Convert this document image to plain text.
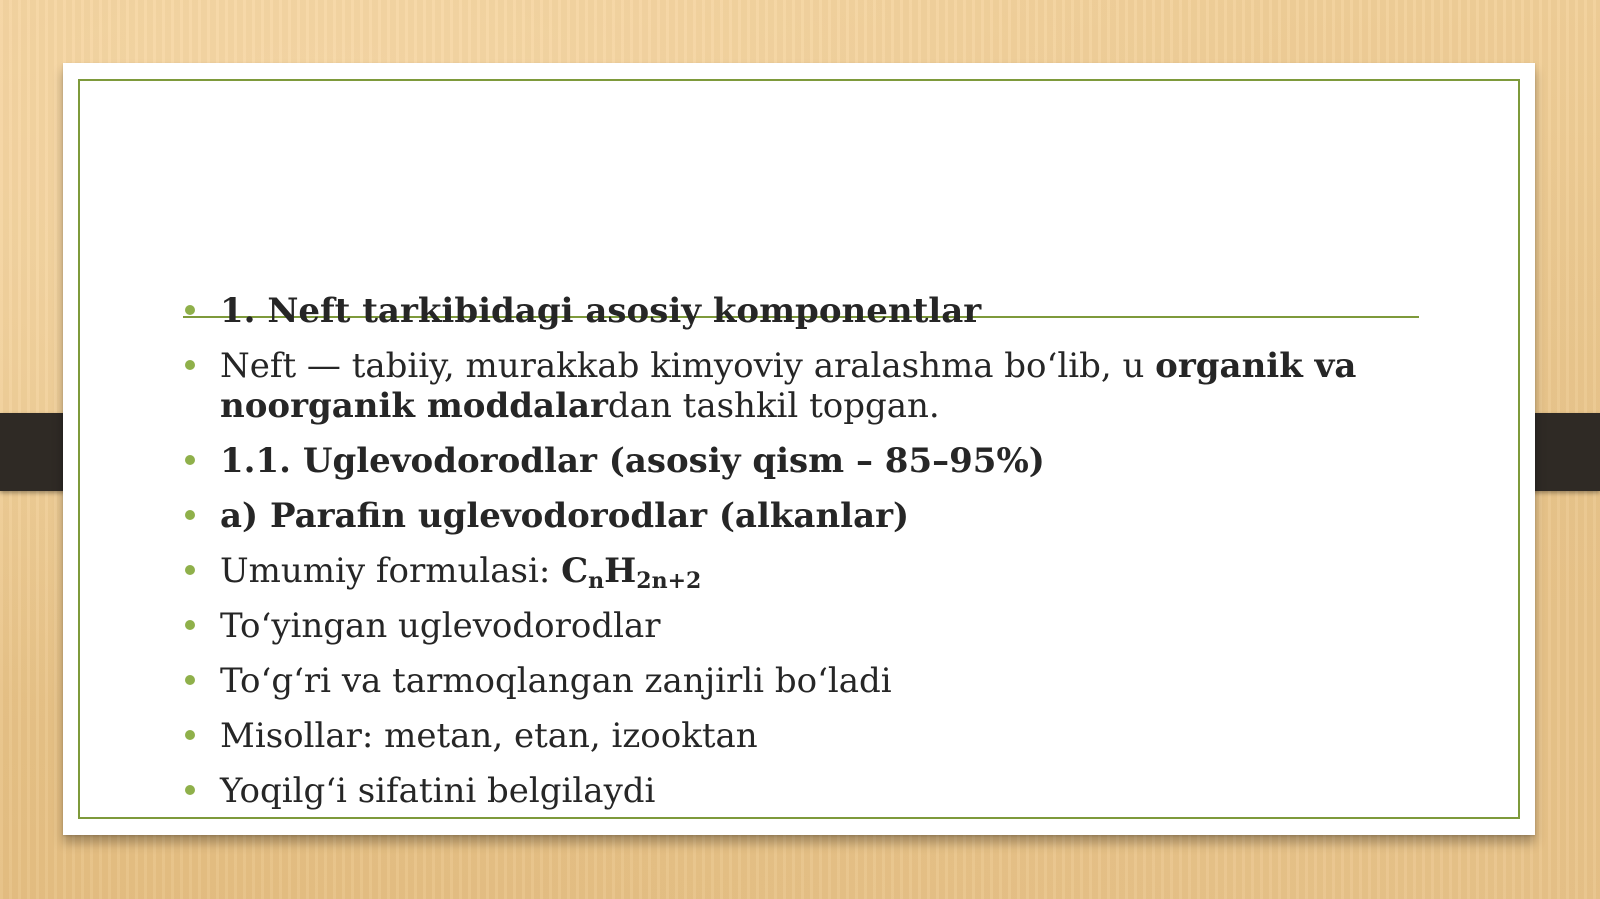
1. Neft tarkibidagi asosiy komponentlar
Neft — tabiiy, murakkab kimyoviy aralashma bo‘lib, u organik va noorganik moddalardan tashkil topgan.
1.1. Uglevodorodlar (asosiy qism – 85–95%)
a) Parafin uglevodorodlar (alkanlar)
Umumiy formulasi: $C_nH_{2n+2}$
To‘yingan uglevodorodlar
To‘g‘ri va tarmoqlangan zanjirli bo‘ladi
Misollar: metan, etan, izooktan
Yoqilg‘i sifatini belgilaydi
